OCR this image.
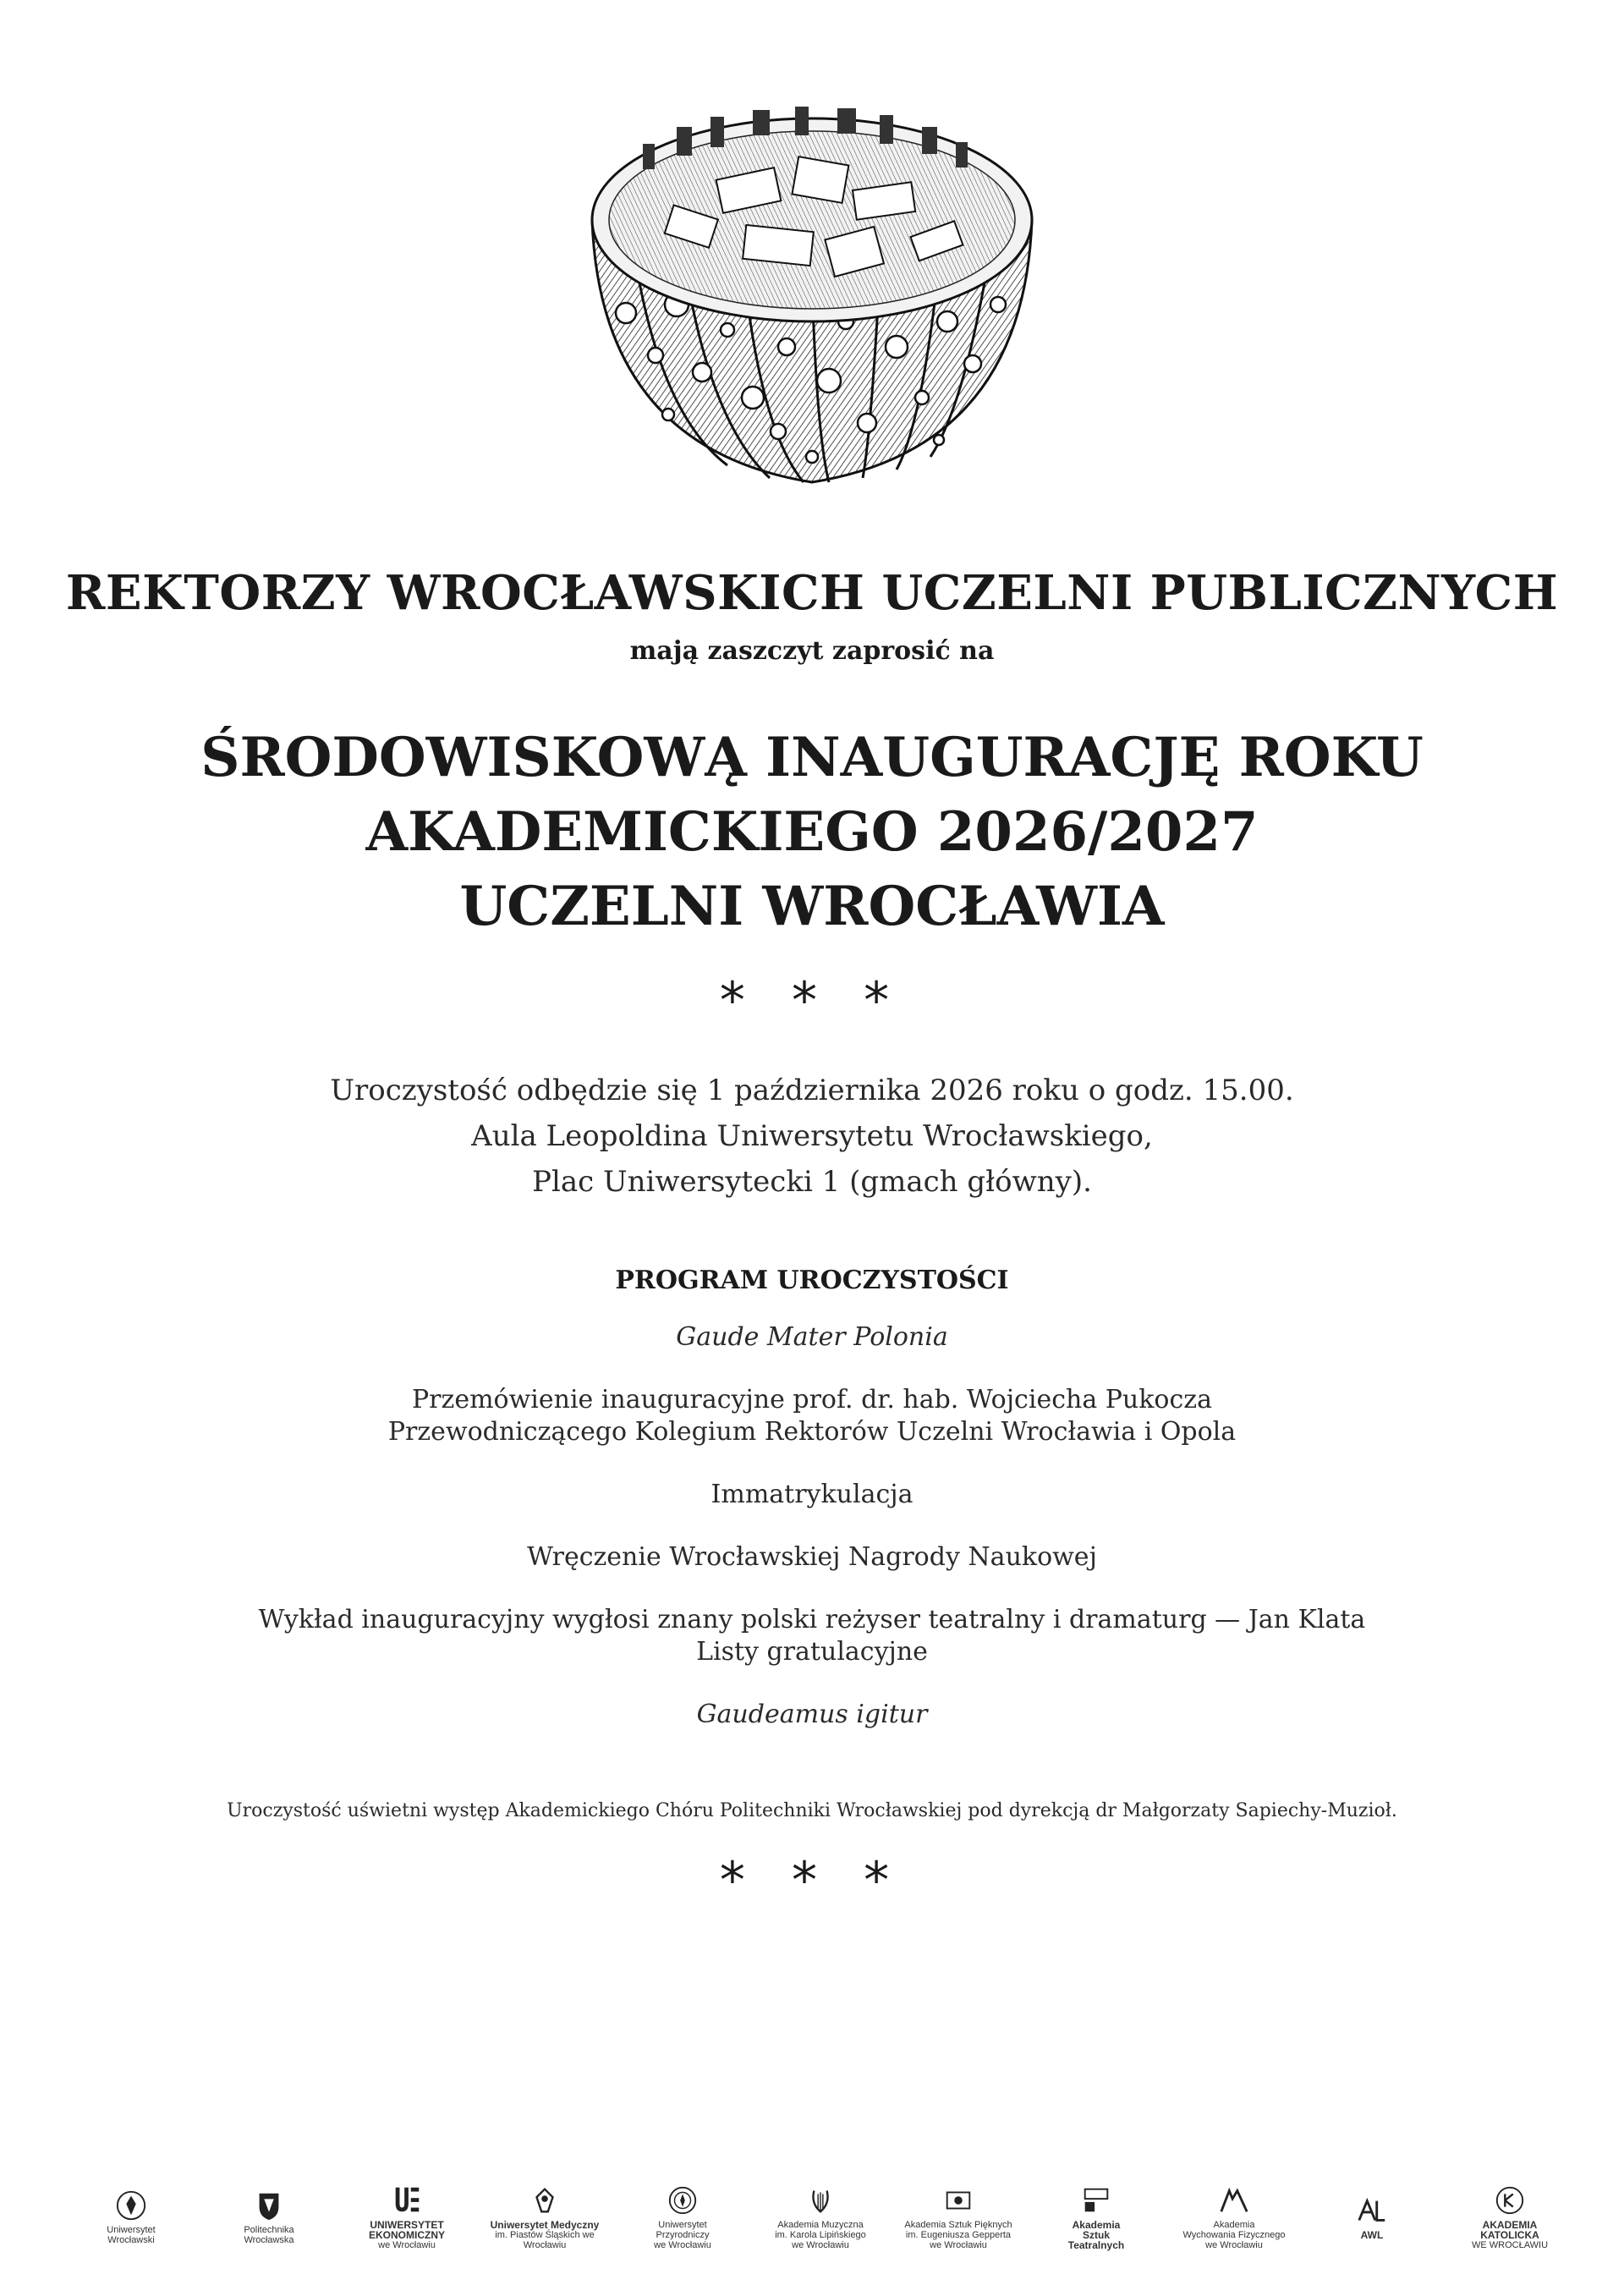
REKTORZY WROCŁAWSKICH UCZELNI PUBLICZNYCH
mają zaszczyt zaprosić na
ŚRODOWISKOWĄ INAUGURACJĘ ROKU
AKADEMICKIEGO 2026/2027
UCZELNI WROCŁAWIA
* * *
Uroczystość odbędzie się 1 października 2026 roku o godz. 15.00.
Aula Leopoldina Uniwersytetu Wrocławskiego,
Plac Uniwersytecki 1 (gmach główny).
PROGRAM UROCZYSTOŚCI
Gaude Mater Polonia
Przemówienie inauguracyjne prof. dr. hab. Wojciecha Pukocza
Przewodniczącego Kolegium Rektorów Uczelni Wrocławia i Opola
Immatrykulacja
Wręczenie Wrocławskiej Nagrody Naukowej
Wykład inauguracyjny wygłosi znany polski reżyser teatralny i dramaturg — Jan Klata
Listy gratulacyjne
Gaudeamus igitur
Uroczystość uświetni występ Akademickiego Chóru Politechniki Wrocławskiej pod dyrekcją dr Małgorzaty Sapiechy-Muzioł.
* * *
Uniwersytet
Wrocławski
Politechnika
Wrocławska
UNIWERSYTET
EKONOMICZNY
we Wrocławiu
Uniwersytet Medyczny
im. Piastów Śląskich we Wrocławiu
Uniwersytet
Przyrodniczy
we Wrocławiu
Akademia Muzyczna
im. Karola Lipińskiego
we Wrocławiu
Akademia Sztuk Pięknych
im. Eugeniusza Gepperta
we Wrocławiu
Akademia
Sztuk
Teatralnych
Akademia
Wychowania Fizycznego
we Wrocławiu
AWL
AKADEMIA KATOLICKA
WE WROCŁAWIU
